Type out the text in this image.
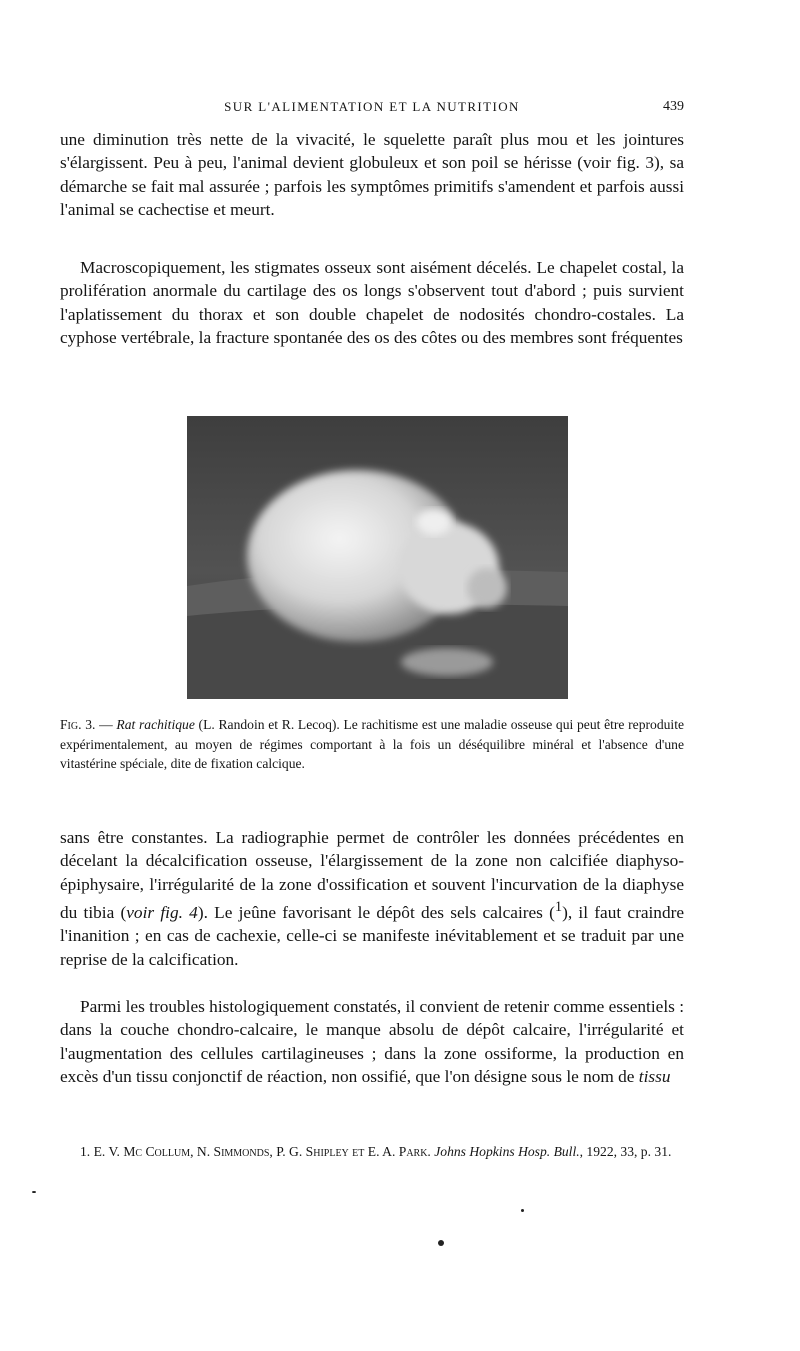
SUR L'ALIMENTATION ET LA NUTRITION	439

une diminution très nette de la vivacité, le squelette paraît plus mou et les jointures s'élargissent. Peu à peu, l'animal devient globuleux et son poil se hérisse (voir fig. 3), sa démarche se fait mal assurée ; parfois les symptômes primitifs s'amendent et parfois aussi l'animal se cachectise et meurt.

Macroscopiquement, les stigmates osseux sont aisément décelés. Le chapelet costal, la prolifération anormale du cartilage des os longs s'observent tout d'abord ; puis survient l'aplatissement du thorax et son double chapelet de nodosités chondro-costales. La cyphose vertébrale, la fracture spontanée des os des côtes ou des membres sont fréquentes

Fig. 3. — Rat rachitique (L. Randoin et R. Lecoq). Le rachitisme est une maladie osseuse qui peut être reproduite expérimentalement, au moyen de régimes comportant à la fois un déséquilibre minéral et l'absence d'une vitastérine spéciale, dite de fixation calcique.

sans être constantes. La radiographie permet de contrôler les données précédentes en décelant la décalcification osseuse, l'élargissement de la zone non calcifiée diaphyso-épiphysaire, l'irrégularité de la zone d'ossification et souvent l'incurvation de la diaphyse du tibia (voir fig. 4). Le jeûne favorisant le dépôt des sels calcaires ($^1$), il faut craindre l'inanition ; en cas de cachexie, celle-ci se manifeste inévitablement et se traduit par une reprise de la calcification.

Parmi les troubles histologiquement constatés, il convient de retenir comme essentiels : dans la couche chondro-calcaire, le manque absolu de dépôt calcaire, l'irrégularité et l'augmentation des cellules cartilagineuses ; dans la zone ossiforme, la production en excès d'un tissu conjonctif de réaction, non ossifié, que l'on désigne sous le nom de tissu

1. E. V. Mc Collum, N. Simmonds, P. G. Shipley et E. A. Park. Johns Hopkins Hosp. Bull., 1922, 33, p. 31.
